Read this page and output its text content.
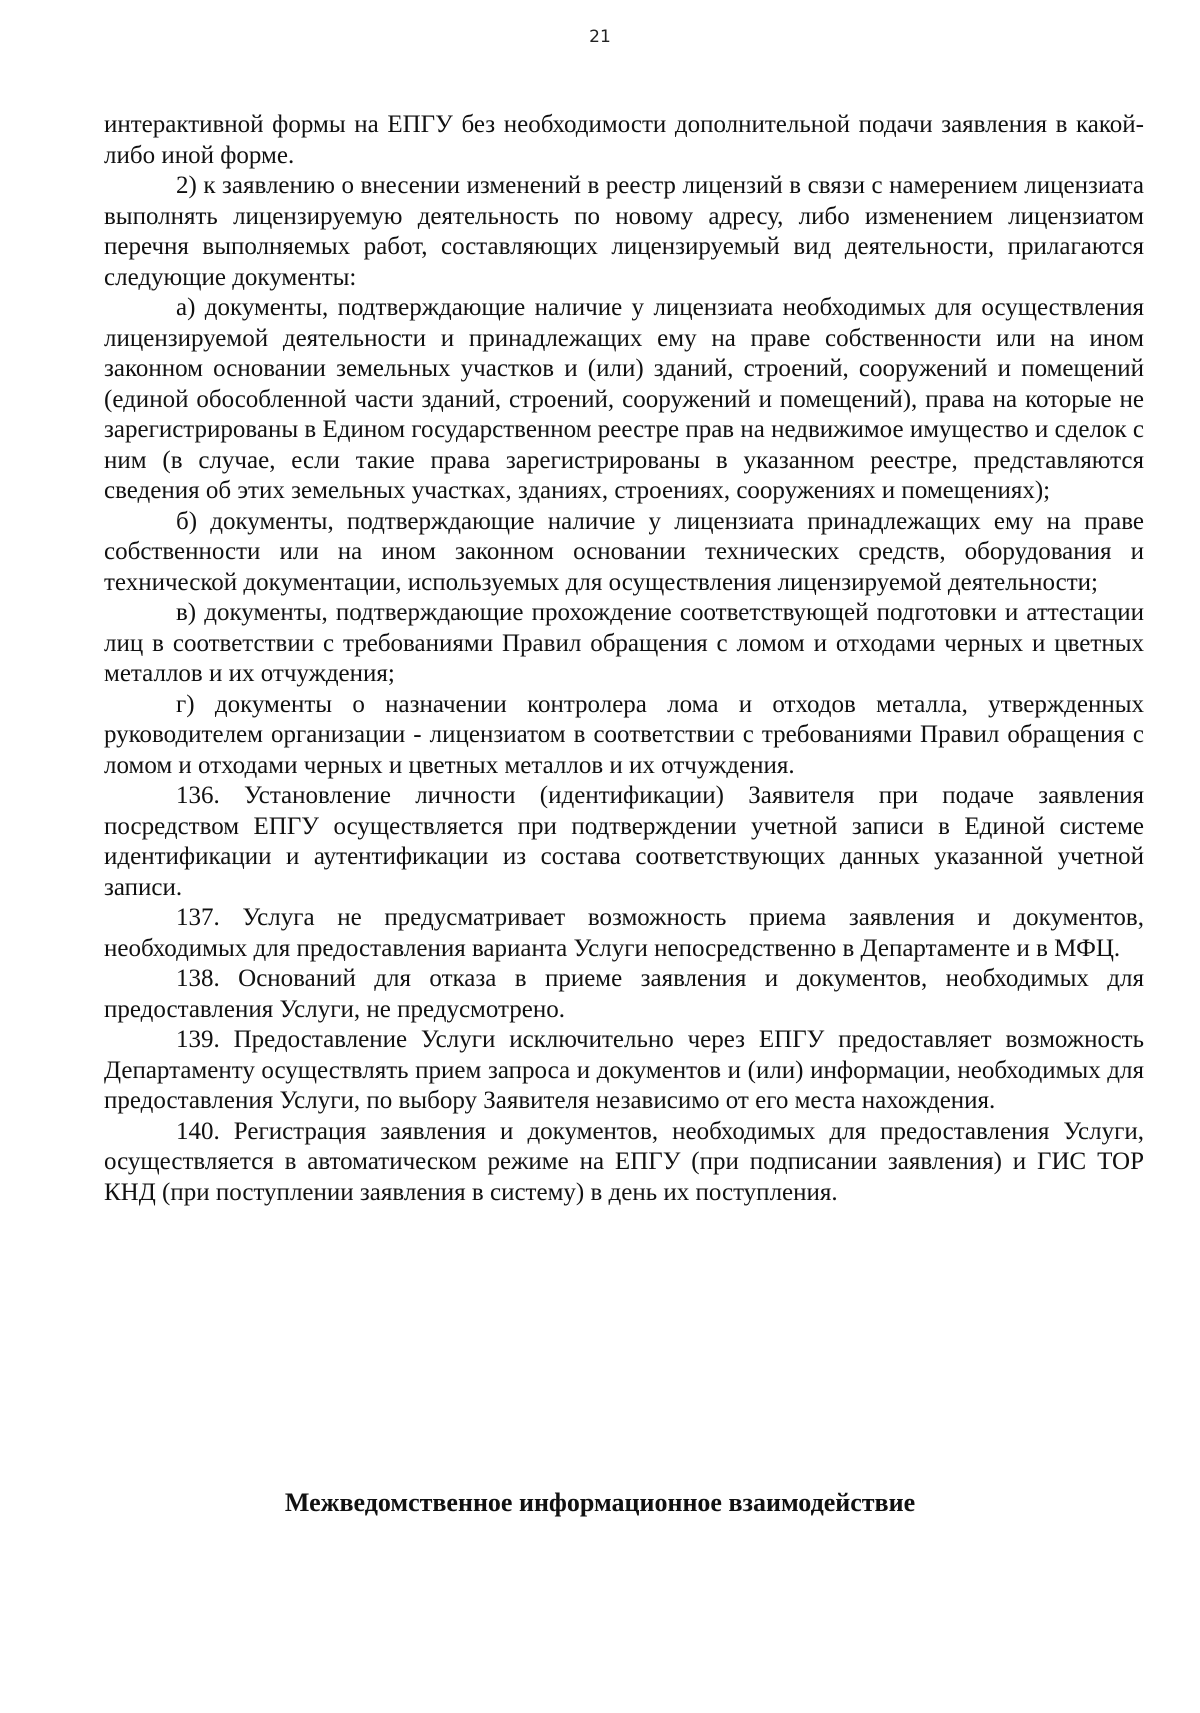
21

интерактивной формы на ЕПГУ без необходимости дополнительной подачи заявления в какой-либо иной форме.

2) к заявлению о внесении изменений в реестр лицензий в связи с намерением лицензиата выполнять лицензируемую деятельность по новому адресу, либо изменением лицензиатом перечня выполняемых работ, составляющих лицензируемый вид деятельности, прилагаются следующие документы:

а) документы, подтверждающие наличие у лицензиата необходимых для осуществления лицензируемой деятельности и принадлежащих ему на праве собственности или на ином законном основании земельных участков и (или) зданий, строений, сооружений и помещений (единой обособленной части зданий, строений, сооружений и помещений), права на которые не зарегистрированы в Едином государственном реестре прав на недвижимое имущество и сделок с ним (в случае, если такие права зарегистрированы в указанном реестре, представляются сведения об этих земельных участках, зданиях, строениях, сооружениях и помещениях);

б) документы, подтверждающие наличие у лицензиата принадлежащих ему на праве собственности или на ином законном основании технических средств, оборудования и технической документации, используемых для осуществления лицензируемой деятельности;

в) документы, подтверждающие прохождение соответствующей подготовки и аттестации лиц в соответствии с требованиями Правил обращения с ломом и отходами черных и цветных металлов и их отчуждения;

г) документы о назначении контролера лома и отходов металла, утвержденных руководителем организации - лицензиатом в соответствии с требованиями Правил обращения с ломом и отходами черных и цветных металлов и их отчуждения.

136. Установление личности (идентификации) Заявителя при подаче заявления посредством ЕПГУ осуществляется при подтверждении учетной записи в Единой системе идентификации и аутентификации из состава соответствующих данных указанной учетной записи.

137. Услуга не предусматривает возможность приема заявления и документов, необходимых для предоставления варианта Услуги непосредственно в Департаменте и в МФЦ.

138. Оснований для отказа в приеме заявления и документов, необходимых для предоставления Услуги, не предусмотрено.

139. Предоставление Услуги исключительно через ЕПГУ предоставляет возможность Департаменту осуществлять прием запроса и документов и (или) информации, необходимых для предоставления Услуги, по выбору Заявителя независимо от его места нахождения.

140. Регистрация заявления и документов, необходимых для предоставления Услуги, осуществляется в автоматическом режиме на ЕПГУ (при подписании заявления) и ГИС ТОР КНД (при поступлении заявления в систему) в день их поступления.

Межведомственное информационное взаимодействие
